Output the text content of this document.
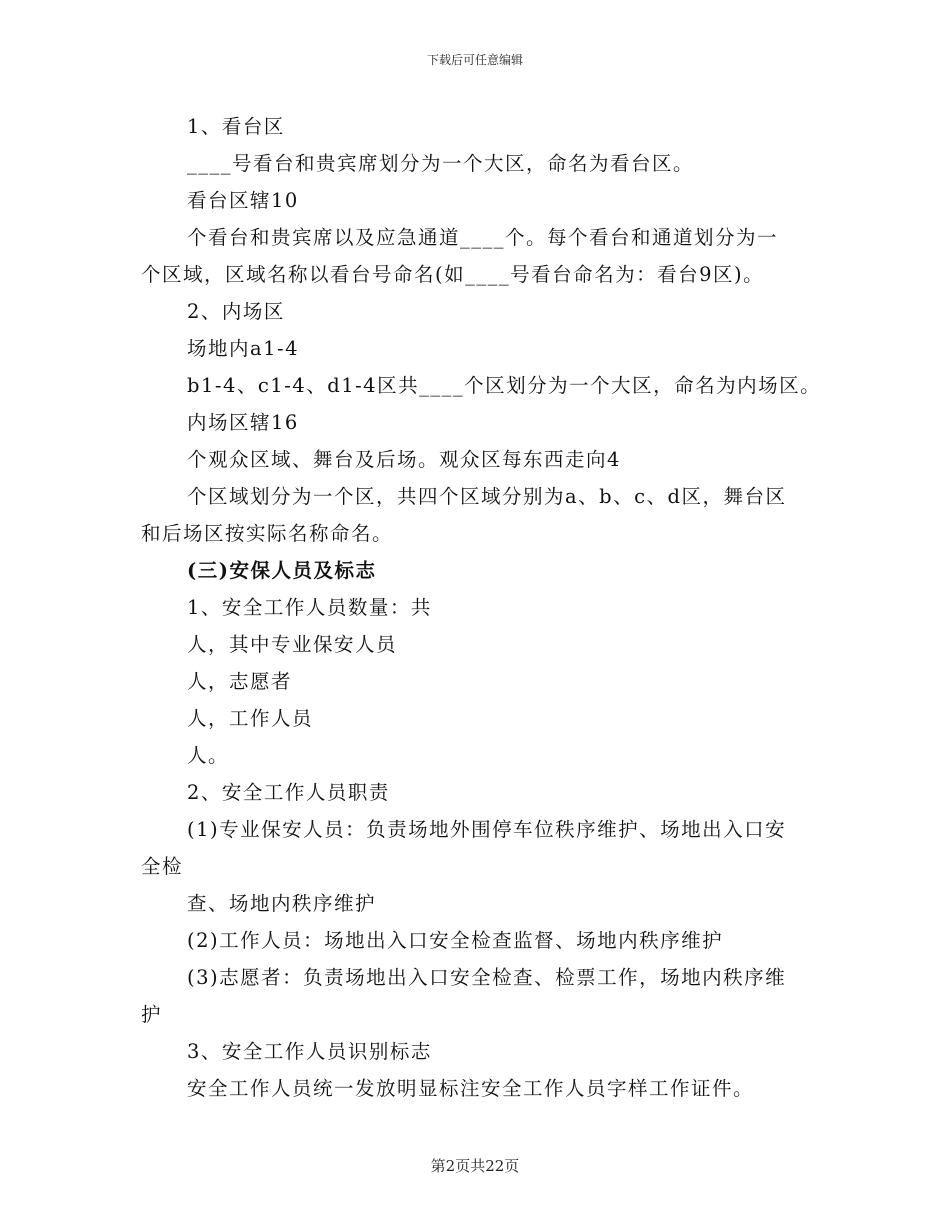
下载后可任意编辑
1、看台区
____号看台和贵宾席划分为一个大区，命名为看台区。
看台区辖10
个看台和贵宾席以及应急通道____个。每个看台和通道划分为一
个区域，区域名称以看台号命名(如____号看台命名为：看台9区)。
2、内场区
场地内a1-4
b1-4、c1-4、d1-4区共____个区划分为一个大区，命名为内场区。
内场区辖16
个观众区域、舞台及后场。观众区每东西走向4
个区域划分为一个区，共四个区域分别为a、b、c、d区，舞台区
和后场区按实际名称命名。
(三)安保人员及标志
1、安全工作人员数量：共
人，其中专业保安人员
人，志愿者
人，工作人员
人。
2、安全工作人员职责
(1)专业保安人员：负责场地外围停车位秩序维护、场地出入口安
全检
查、场地内秩序维护
(2)工作人员：场地出入口安全检查监督、场地内秩序维护
(3)志愿者：负责场地出入口安全检查、检票工作，场地内秩序维
护
3、安全工作人员识别标志
安全工作人员统一发放明显标注安全工作人员字样工作证件。
第2页共22页
